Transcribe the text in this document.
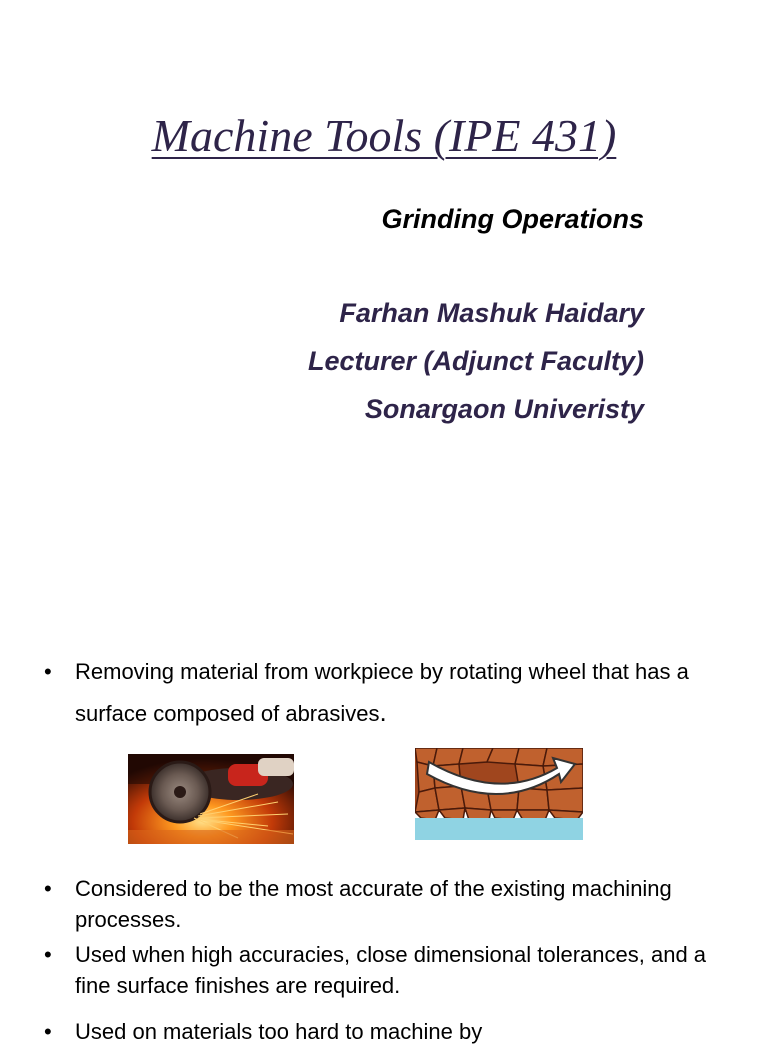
Machine Tools (IPE 431)
Grinding Operations
Farhan Mashuk Haidary
Lecturer (Adjunct Faculty)
Sonargaon Univeristy
• Removing material from workpiece by rotating wheel that has a surface composed of abrasives.
• Considered to be the most accurate of the existing machining processes.
• Used when high accuracies, close dimensional tolerances, and a fine surface finishes are required.
• Used on materials too hard to machine by
